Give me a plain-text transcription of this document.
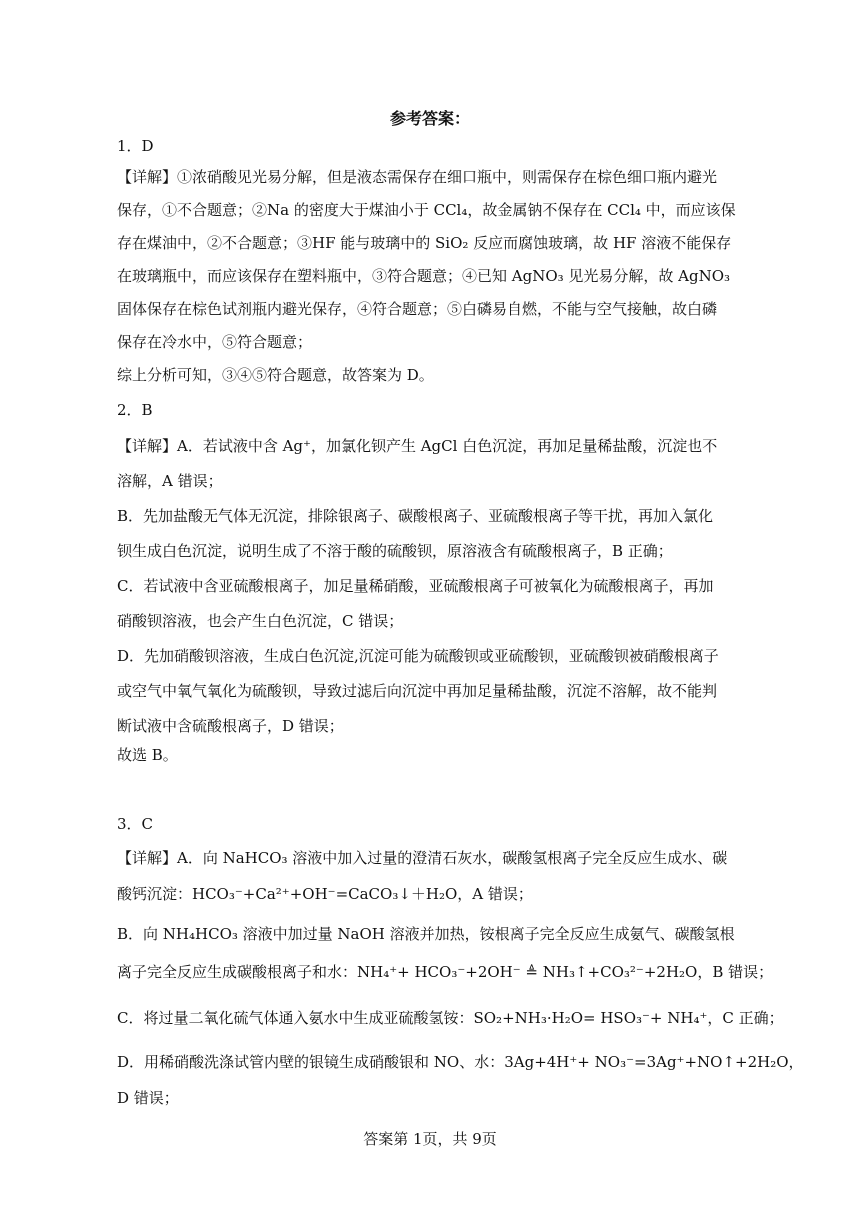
参考答案：
1．D
【详解】①浓硝酸见光易分解，但是液态需保存在细口瓶中，则需保存在棕色细口瓶内避光
保存，①不合题意；②Na 的密度大于煤油小于 CCl₄，故金属钠不保存在 CCl₄ 中，而应该保
存在煤油中，②不合题意；③HF 能与玻璃中的 SiO₂ 反应而腐蚀玻璃，故 HF 溶液不能保存
在玻璃瓶中，而应该保存在塑料瓶中，③符合题意；④已知 AgNO₃ 见光易分解，故 AgNO₃
固体保存在棕色试剂瓶内避光保存，④符合题意；⑤白磷易自燃，不能与空气接触，故白磷
保存在冷水中，⑤符合题意；
综上分析可知，③④⑤符合题意，故答案为 D。
2．B
【详解】A．若试液中含 Ag⁺，加氯化钡产生 AgCl 白色沉淀，再加足量稀盐酸，沉淀也不
溶解，A 错误；
B．先加盐酸无气体无沉淀，排除银离子、碳酸根离子、亚硫酸根离子等干扰，再加入氯化
钡生成白色沉淀，说明生成了不溶于酸的硫酸钡，原溶液含有硫酸根离子，B 正确；
C．若试液中含亚硫酸根离子，加足量稀硝酸，亚硫酸根离子可被氧化为硫酸根离子，再加
硝酸钡溶液，也会产生白色沉淀，C 错误；
D．先加硝酸钡溶液，生成白色沉淀,沉淀可能为硫酸钡或亚硫酸钡，亚硫酸钡被硝酸根离子
或空气中氧气氧化为硫酸钡，导致过滤后向沉淀中再加足量稀盐酸，沉淀不溶解，故不能判
断试液中含硫酸根离子，D 错误；
故选 B。
3．C
【详解】A．向 NaHCO₃ 溶液中加入过量的澄清石灰水，碳酸氢根离子完全反应生成水、碳
酸钙沉淀：HCO₃⁻+Ca²⁺+OH⁻=CaCO₃↓＋H₂O，A 错误；
B．向 NH₄HCO₃ 溶液中加过量 NaOH 溶液并加热，铵根离子完全反应生成氨气、碳酸氢根
离子完全反应生成碳酸根离子和水：NH₄⁺+ HCO₃⁻+2OH⁻ ≜ NH₃↑+CO₃²⁻+2H₂O，B 错误；
C．将过量二氧化硫气体通入氨水中生成亚硫酸氢铵：SO₂+NH₃·H₂O= HSO₃⁻+ NH₄⁺，C 正确；
D．用稀硝酸洗涤试管内壁的银镜生成硝酸银和 NO、水：3Ag+4H⁺+ NO₃⁻=3Ag⁺+NO↑+2H₂O，
D 错误；
答案第 1页，共 9页
